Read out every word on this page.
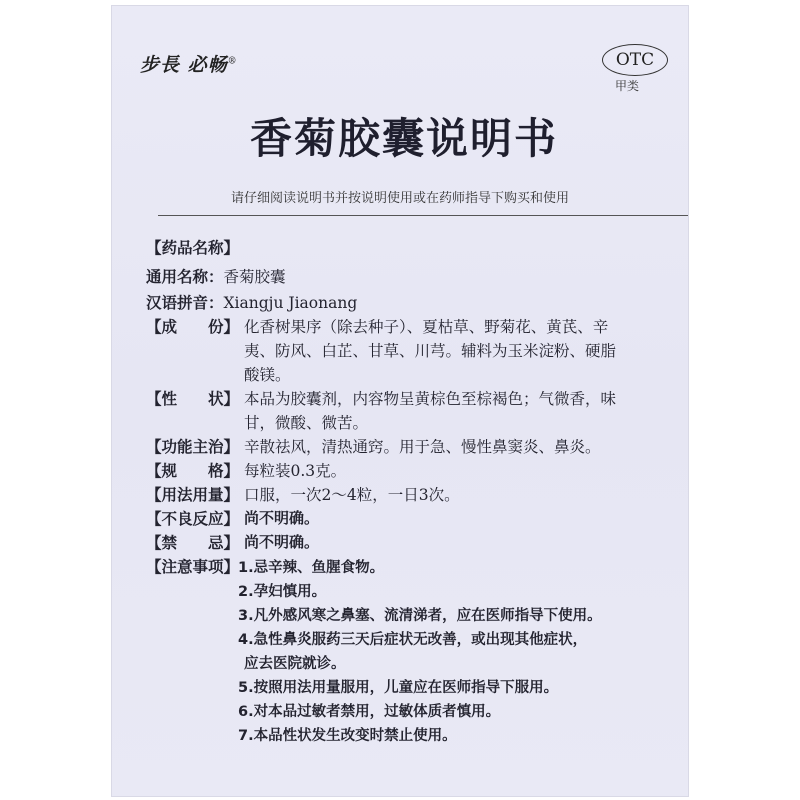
步長 必畅®	OTC
甲类
香菊胶囊说明书
请仔细阅读说明书并按说明使用或在药师指导下购买和使用
【药品名称】
通用名称：香菊胶囊
汉语拼音：Xiangju Jiaonang
【成　　份】 化香树果序（除去种子）、夏枯草、野菊花、黄芪、辛
夷、防风、白芷、甘草、川芎。辅料为玉米淀粉、硬脂
酸镁。
【性　　状】 本品为胶囊剂，内容物呈黄棕色至棕褐色；气微香，味
甘，微酸、微苦。
【功能主治】 辛散祛风，清热通窍。用于急、慢性鼻窦炎、鼻炎。
【规　　格】 每粒装0.3克。
【用法用量】 口服，一次2～4粒，一日3次。
【不良反应】 尚不明确。
【禁　　忌】 尚不明确。
【注意事项】
1.忌辛辣、鱼腥食物。
2.孕妇慎用。
3.凡外感风寒之鼻塞、流清涕者，应在医师指导下使用。
4.急性鼻炎服药三天后症状无改善，或出现其他症状，
应去医院就诊。
5.按照用法用量服用，儿童应在医师指导下服用。
6.对本品过敏者禁用，过敏体质者慎用。
7.本品性状发生改变时禁止使用。
